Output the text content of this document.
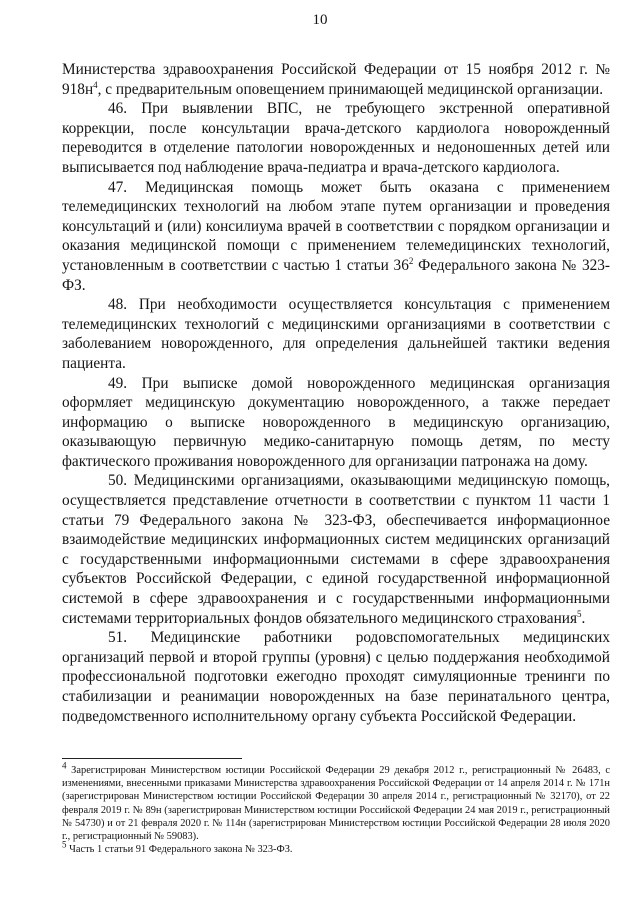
10

Министерства здравоохранения Российской Федерации от 15 ноября 2012 г. № $918н^4$, с предварительным оповещением принимающей медицинской организации.

46. При выявлении ВПС, не требующего экстренной оперативной коррекции, после консультации врача-детского кардиолога новорожденный переводится в отделение патологии новорожденных и недоношенных детей или выписывается под наблюдение врача-педиатра и врача-детского кардиолога.

47. Медицинская помощь может быть оказана с применением телемедицинских технологий на любом этапе путем организации и проведения консультаций и (или) консилиума врачей в соответствии с порядком организации и оказания медицинской помощи с применением телемедицинских технологий, установленным в соответствии с частью 1 статьи $36^2$ Федерального закона № 323-ФЗ.

48. При необходимости осуществляется консультация с применением телемедицинских технологий с медицинскими организациями в соответствии с заболеванием новорожденного, для определения дальнейшей тактики ведения пациента.

49. При выписке домой новорожденного медицинская организация оформляет медицинскую документацию новорожденного, а также передает информацию о выписке новорожденного в медицинскую организацию, оказывающую первичную медико-санитарную помощь детям, по месту фактического проживания новорожденного для организации патронажа на дому.

50. Медицинскими организациями, оказывающими медицинскую помощь, осуществляется представление отчетности в соответствии с пунктом 11 части 1 статьи 79 Федерального закона № 323-ФЗ, обеспечивается информационное взаимодействие медицинских информационных систем медицинских организаций с государственными информационными системами в сфере здравоохранения субъектов Российской Федерации, с единой государственной информационной системой в сфере здравоохранения и с государственными информационными системами территориальных фондов обязательного медицинского страхования$^5$.

51. Медицинские работники родовспомогательных медицинских организаций первой и второй группы (уровня) с целью поддержания необходимой профессиональной подготовки ежегодно проходят симуляционные тренинги по стабилизации и реанимации новорожденных на базе перинатального центра, подведомственного исполнительному органу субъекта Российской Федерации.

$^4$ Зарегистрирован Министерством юстиции Российской Федерации 29 декабря 2012 г., регистрационный № 26483, с изменениями, внесенными приказами Министерства здравоохранения Российской Федерации от 14 апреля 2014 г. № 171н (зарегистрирован Министерством юстиции Российской Федерации 30 апреля 2014 г., регистрационный № 32170), от 22 февраля 2019 г. № 89н (зарегистрирован Министерством юстиции Российской Федерации 24 мая 2019 г., регистрационный № 54730) и от 21 февраля 2020 г. № 114н (зарегистрирован Министерством юстиции Российской Федерации 28 июля 2020 г., регистрационный № 59083).

$^5$ Часть 1 статьи 91 Федерального закона № 323-ФЗ.
